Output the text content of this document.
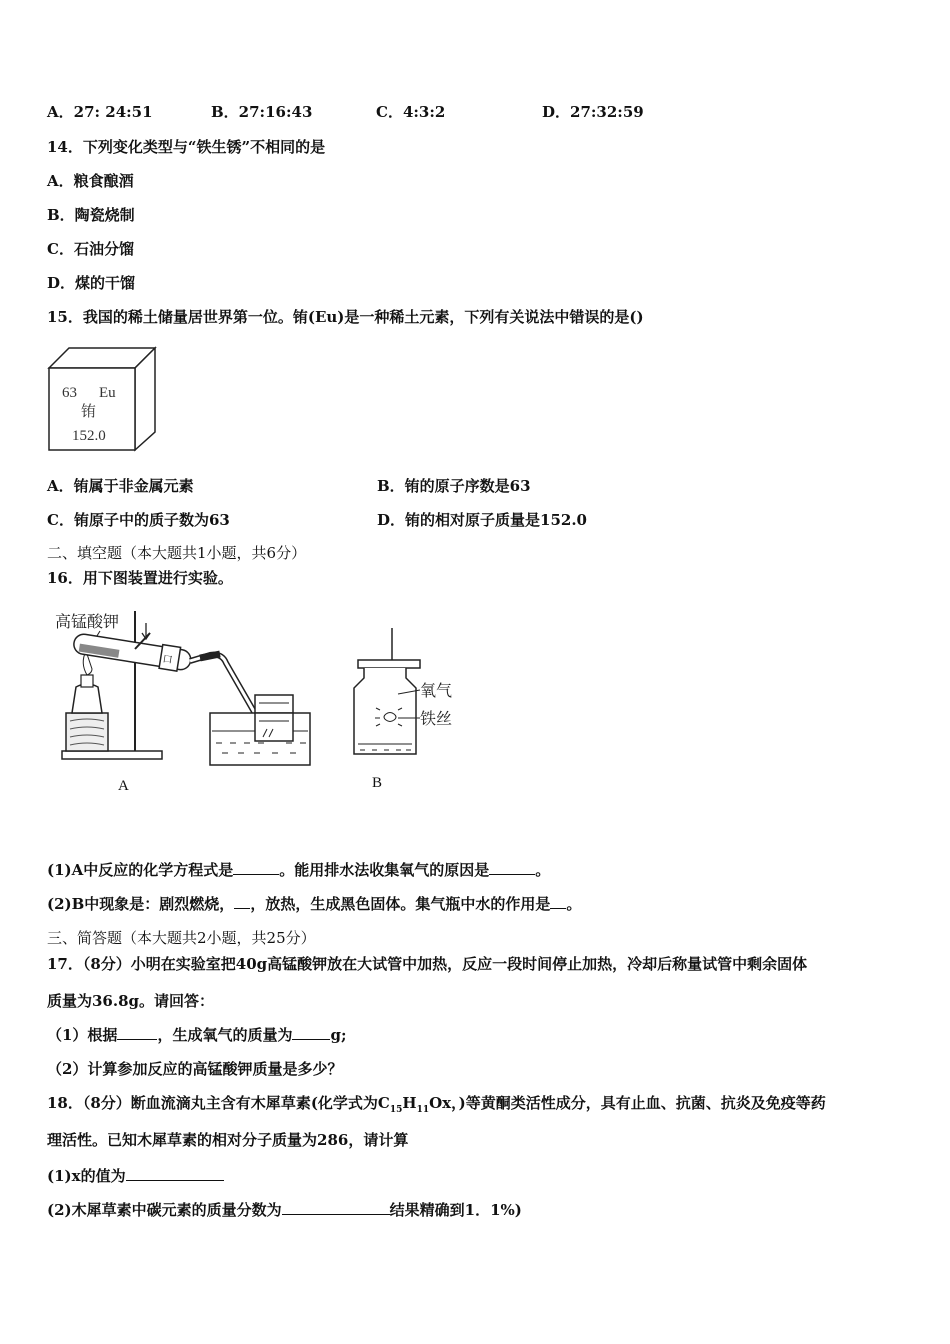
A．27: 24:51	B．27:16:43	C．4:3:2	D．27:32:59
14．下列变化类型与“铁生锈”不相同的是
A．粮食酿酒
B．陶瓷烧制
C．石油分馏
D．煤的干馏
15．我国的稀土储量居世界第一位。铕(Eu)是一种稀土元素，下列有关说法中错误的是()
63 Eu
铕
152.0
A．铕属于非金属元素	B．铕的原子序数是63
C．铕原子中的质子数为63	D．铕的相对原子质量是152.0
二、填空题（本大题共1小题，共6分）
16．用下图装置进行实验。
高锰酸钾
口
A
氧气
铁丝
B
(1)A中反应的化学方程式是	。能用排水法收集氧气的原因是	。
(2)B中现象是：剧烈燃烧， ，放热，生成黑色固体。集气瓶中水的作用是 。
三、简答题（本大题共2小题，共25分）
17．（8分）小明在实验室把40g高锰酸钾放在大试管中加热，反应一段时间停止加热，冷却后称量试管中剩余固体
质量为36.8g。请回答：
（1）根据	，生成氧气的质量为	g;
（2）计算参加反应的高锰酸钾质量是多少？
18．（8分）断血流滴丸主含有木犀草素(化学式为$C_{15}H_{11}Ox$，)等黄酮类活性成分，具有止血、抗菌、抗炎及免疫等药
理活性。已知木犀草素的相对分子质量为286，请计算
(1)x的值为
(2)木犀草素中碳元素的质量分数为	结果精确到1．1%)
